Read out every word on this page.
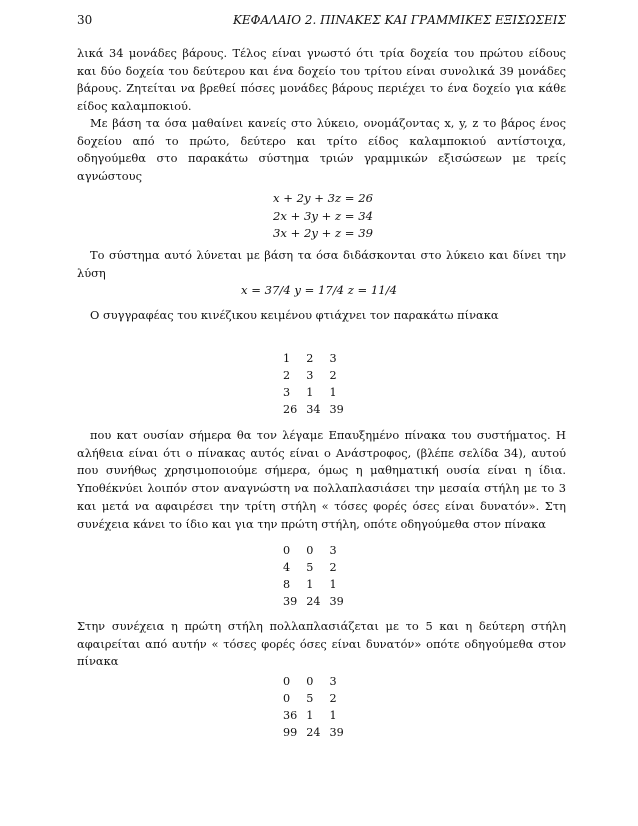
30	ΚΕΦΑΛΑΙΟ 2. ΠΙΝΑΚΕΣ ΚΑΙ ΓΡΑΜΜΙΚΕΣ ΕΞΙΣΩΣΕΙΣ

λικά 34 μονάδες βάρους. Τέλος είναι γνωστό ότι τρία δοχεία του πρώτου είδους και δύο δοχεία του δεύτερου και ένα δοχείο του τρίτου είναι συνολικά 39 μονάδες βάρους. Ζητείται να βρεθεί πόσες μονάδες βάρους περιέχει το ένα δοχείο για κάθε είδος καλαμποκιού.

Με βάση τα όσα μαθαίνει κανείς στο λύκειο, ονομάζοντας x, y, z το βάρος ένος δοχείου από το πρώτο, δεύτερο και τρίτο είδος καλαμποκιού αντίστοιχα, οδηγούμεθα στο παρακάτω σύστημα τριών γραμμικών εξισώσεων με τρείς αγνώστους

x + 2y + 3z = 26
2x + 3y + z = 34
3x + 2y + z = 39

Το σύστημα αυτό λύνεται με βάση τα όσα διδάσκονται στο λύκειο και δίνει την λύση

x = 37/4 y = 17/4 z = 11/4

Ο συγγραφέας του κινέζικου κειμένου φτιάχνει τον παρακάτω πίνακα

1	2	3
2	3	2
3	1	1
26	34	39

που κατ ουσίαν σήμερα θα τον λέγαμε Επαυξημένο πίνακα του συστήματος. Η αλήθεια είναι ότι ο πίνακας αυτός είναι ο Ανάστροφος, (βλέπε σελίδα 34), αυτού που συνήθως χρησιμοποιούμε σήμερα, όμως η μαθηματική ουσία είναι η ίδια. Υποθέκνύει λοιπόν στον αναγνώστη να πολλαπλασιάσει την μεσαία στήλη με το 3 και μετά να αφαιρέσει την τρίτη στήλη « τόσες φορές όσες είναι δυνατόν». Στη συνέχεια κάνει το ίδιο και για την πρώτη στήλη, οπότε οδηγούμεθα στον πίνακα

0	0	3
4	5	2
8	1	1
39	24	39

Στην συνέχεια η πρώτη στήλη πολλαπλασιάζεται με το 5 και η δεύτερη στήλη αφαιρείται από αυτήν « τόσες φορές όσες είναι δυνατόν» οπότε οδηγούμεθα στον πίνακα

0	0	3
0	5	2
36	1	1
99	24	39
